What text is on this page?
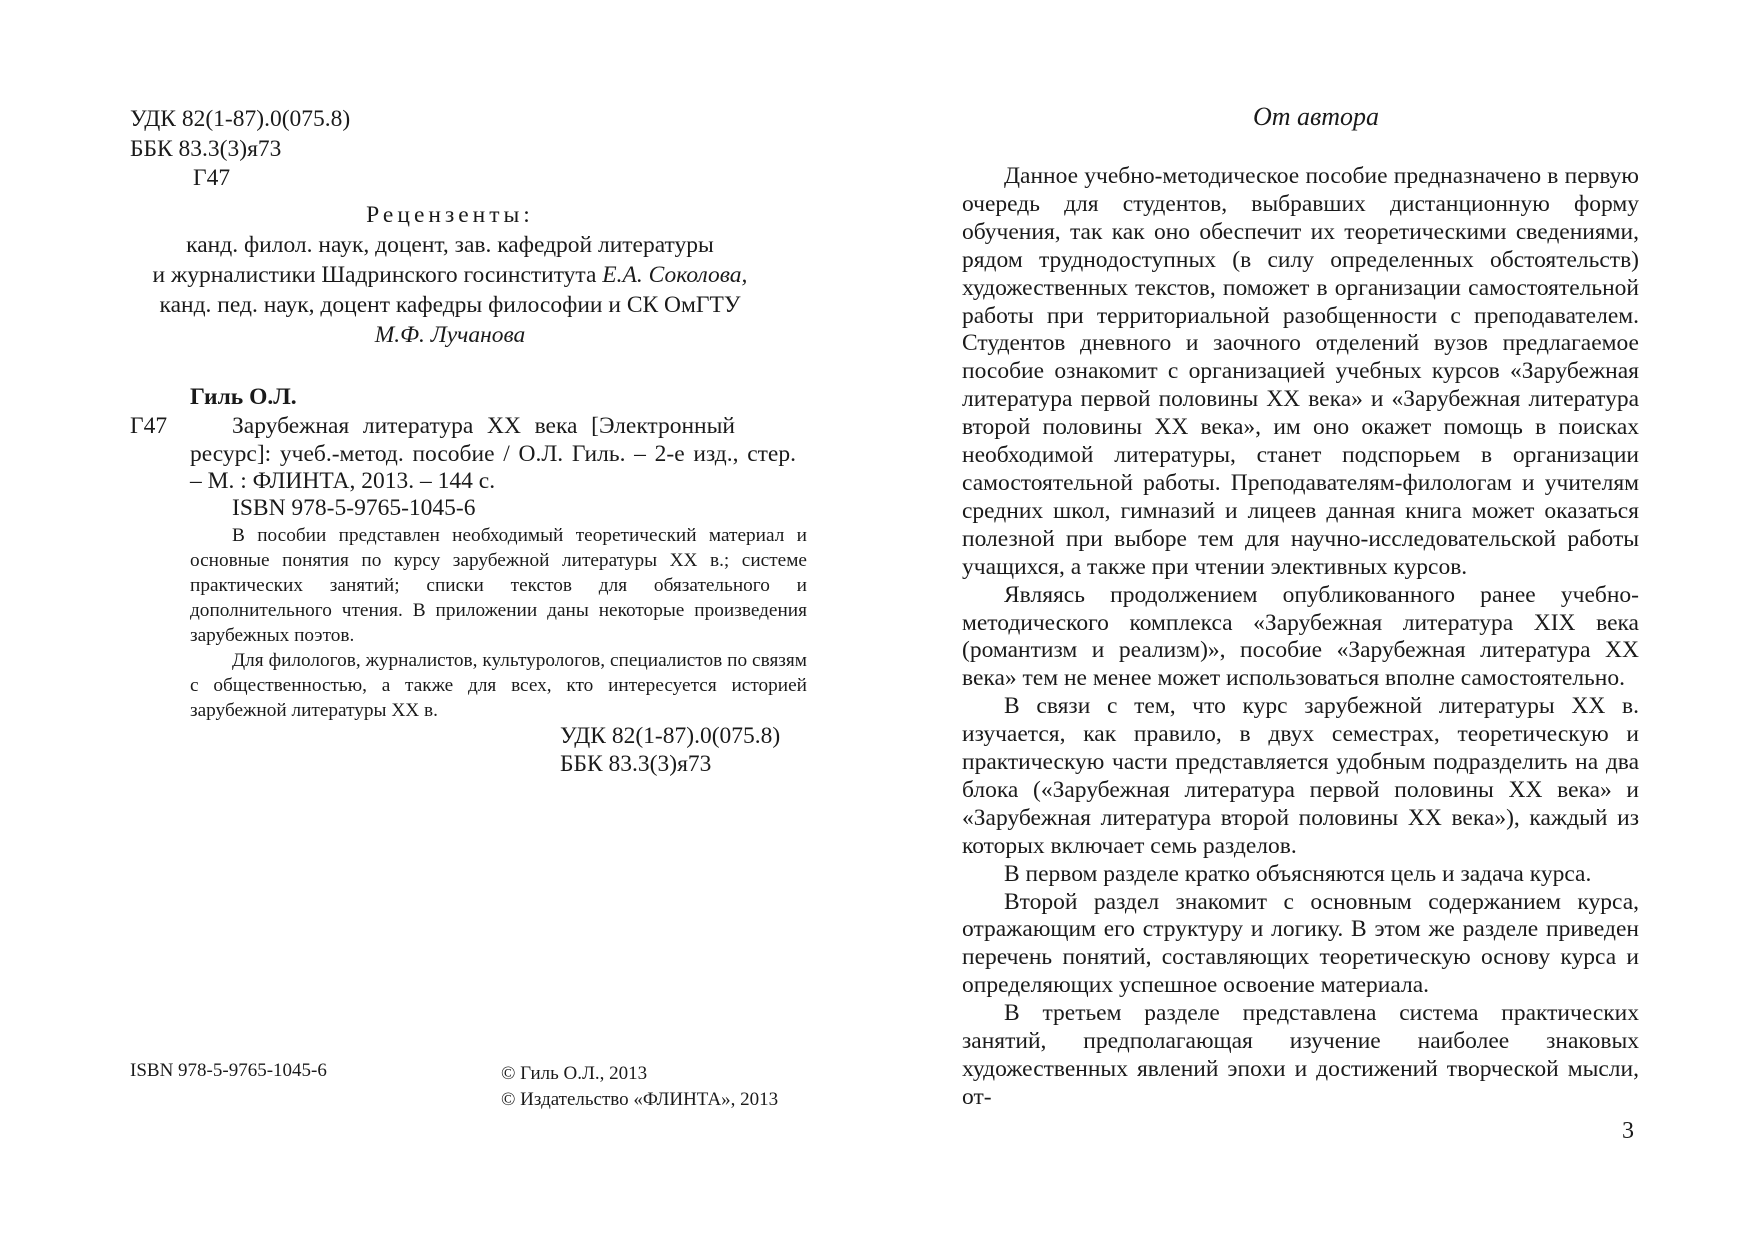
УДК 82(1-87).0(075.8)
ББК 83.3(3)я73
Г47
Рецензенты:
канд. филол. наук, доцент, зав. кафедрой литературы
и журналистики Шадринского госинститута Е.А. Соколова,
канд. пед. наук, доцент кафедры философии и СК ОмГТУ
М.Ф. Лучанова
Гиль О.Л.
Г47	Зарубежная литература XX века [Электронный
ресурс]: учеб.-метод. пособие / О.Л. Гиль. – 2-е изд., стер.
– М. : ФЛИНТА, 2013. – 144 с.
ISBN 978-5-9765-1045-6

В пособии представлен необходимый теоретический материал и основные понятия по курсу зарубежной литературы XX в.; системе практических занятий; списки текстов для обязательного и дополнительного чтения. В приложении даны некоторые произведения зарубежных поэтов.

Для филологов, журналистов, культурологов, специалистов по связям с общественностью, а также для всех, кто интересуется историей зарубежной литературы XX в.

УДК 82(1-87).0(075.8)
ББК 83.3(3)я73
ISBN 978-5-9765-1045-6	© Гиль О.Л., 2013
© Издательство «ФЛИНТА», 2013
От автора

Данное учебно-методическое пособие предназначено в первую очередь для студентов, выбравших дистанционную форму обучения, так как оно обеспечит их теоретическими сведениями, рядом труднодоступных (в силу определенных обстоятельств) художественных текстов, поможет в организации самостоятельной работы при территориальной разобщенности с преподавателем. Студентов дневного и заочного отделений вузов предлагаемое пособие ознакомит с организацией учебных курсов «Зарубежная литература первой половины XX века» и «Зарубежная литература второй половины XX века», им оно окажет помощь в поисках необходимой литературы, станет подспорьем в организации самостоятельной работы. Преподавателям-филологам и учителям средних школ, гимназий и лицеев данная книга может оказаться полезной при выборе тем для научно-исследовательской работы учащихся, а также при чтении элективных курсов.

Являясь продолжением опубликованного ранее учебно-методического комплекса «Зарубежная литература XIX века (романтизм и реализм)», пособие «Зарубежная литература XX века» тем не менее может использоваться вполне самостоятельно.

В связи с тем, что курс зарубежной литературы XX в. изучается, как правило, в двух семестрах, теоретическую и практическую части представляется удобным подразделить на два блока («Зарубежная литература первой половины XX века» и «Зарубежная литература второй половины XX века»), каждый из которых включает семь разделов.

В первом разделе кратко объясняются цель и задача курса.

Второй раздел знакомит с основным содержанием курса, отражающим его структуру и логику. В этом же разделе приведен перечень понятий, составляющих теоретическую основу курса и определяющих успешное освоение материала.

В третьем разделе представлена система практических занятий, предполагающая изучение наиболее знаковых художественных явлений эпохи и достижений творческой мысли, от-

3
